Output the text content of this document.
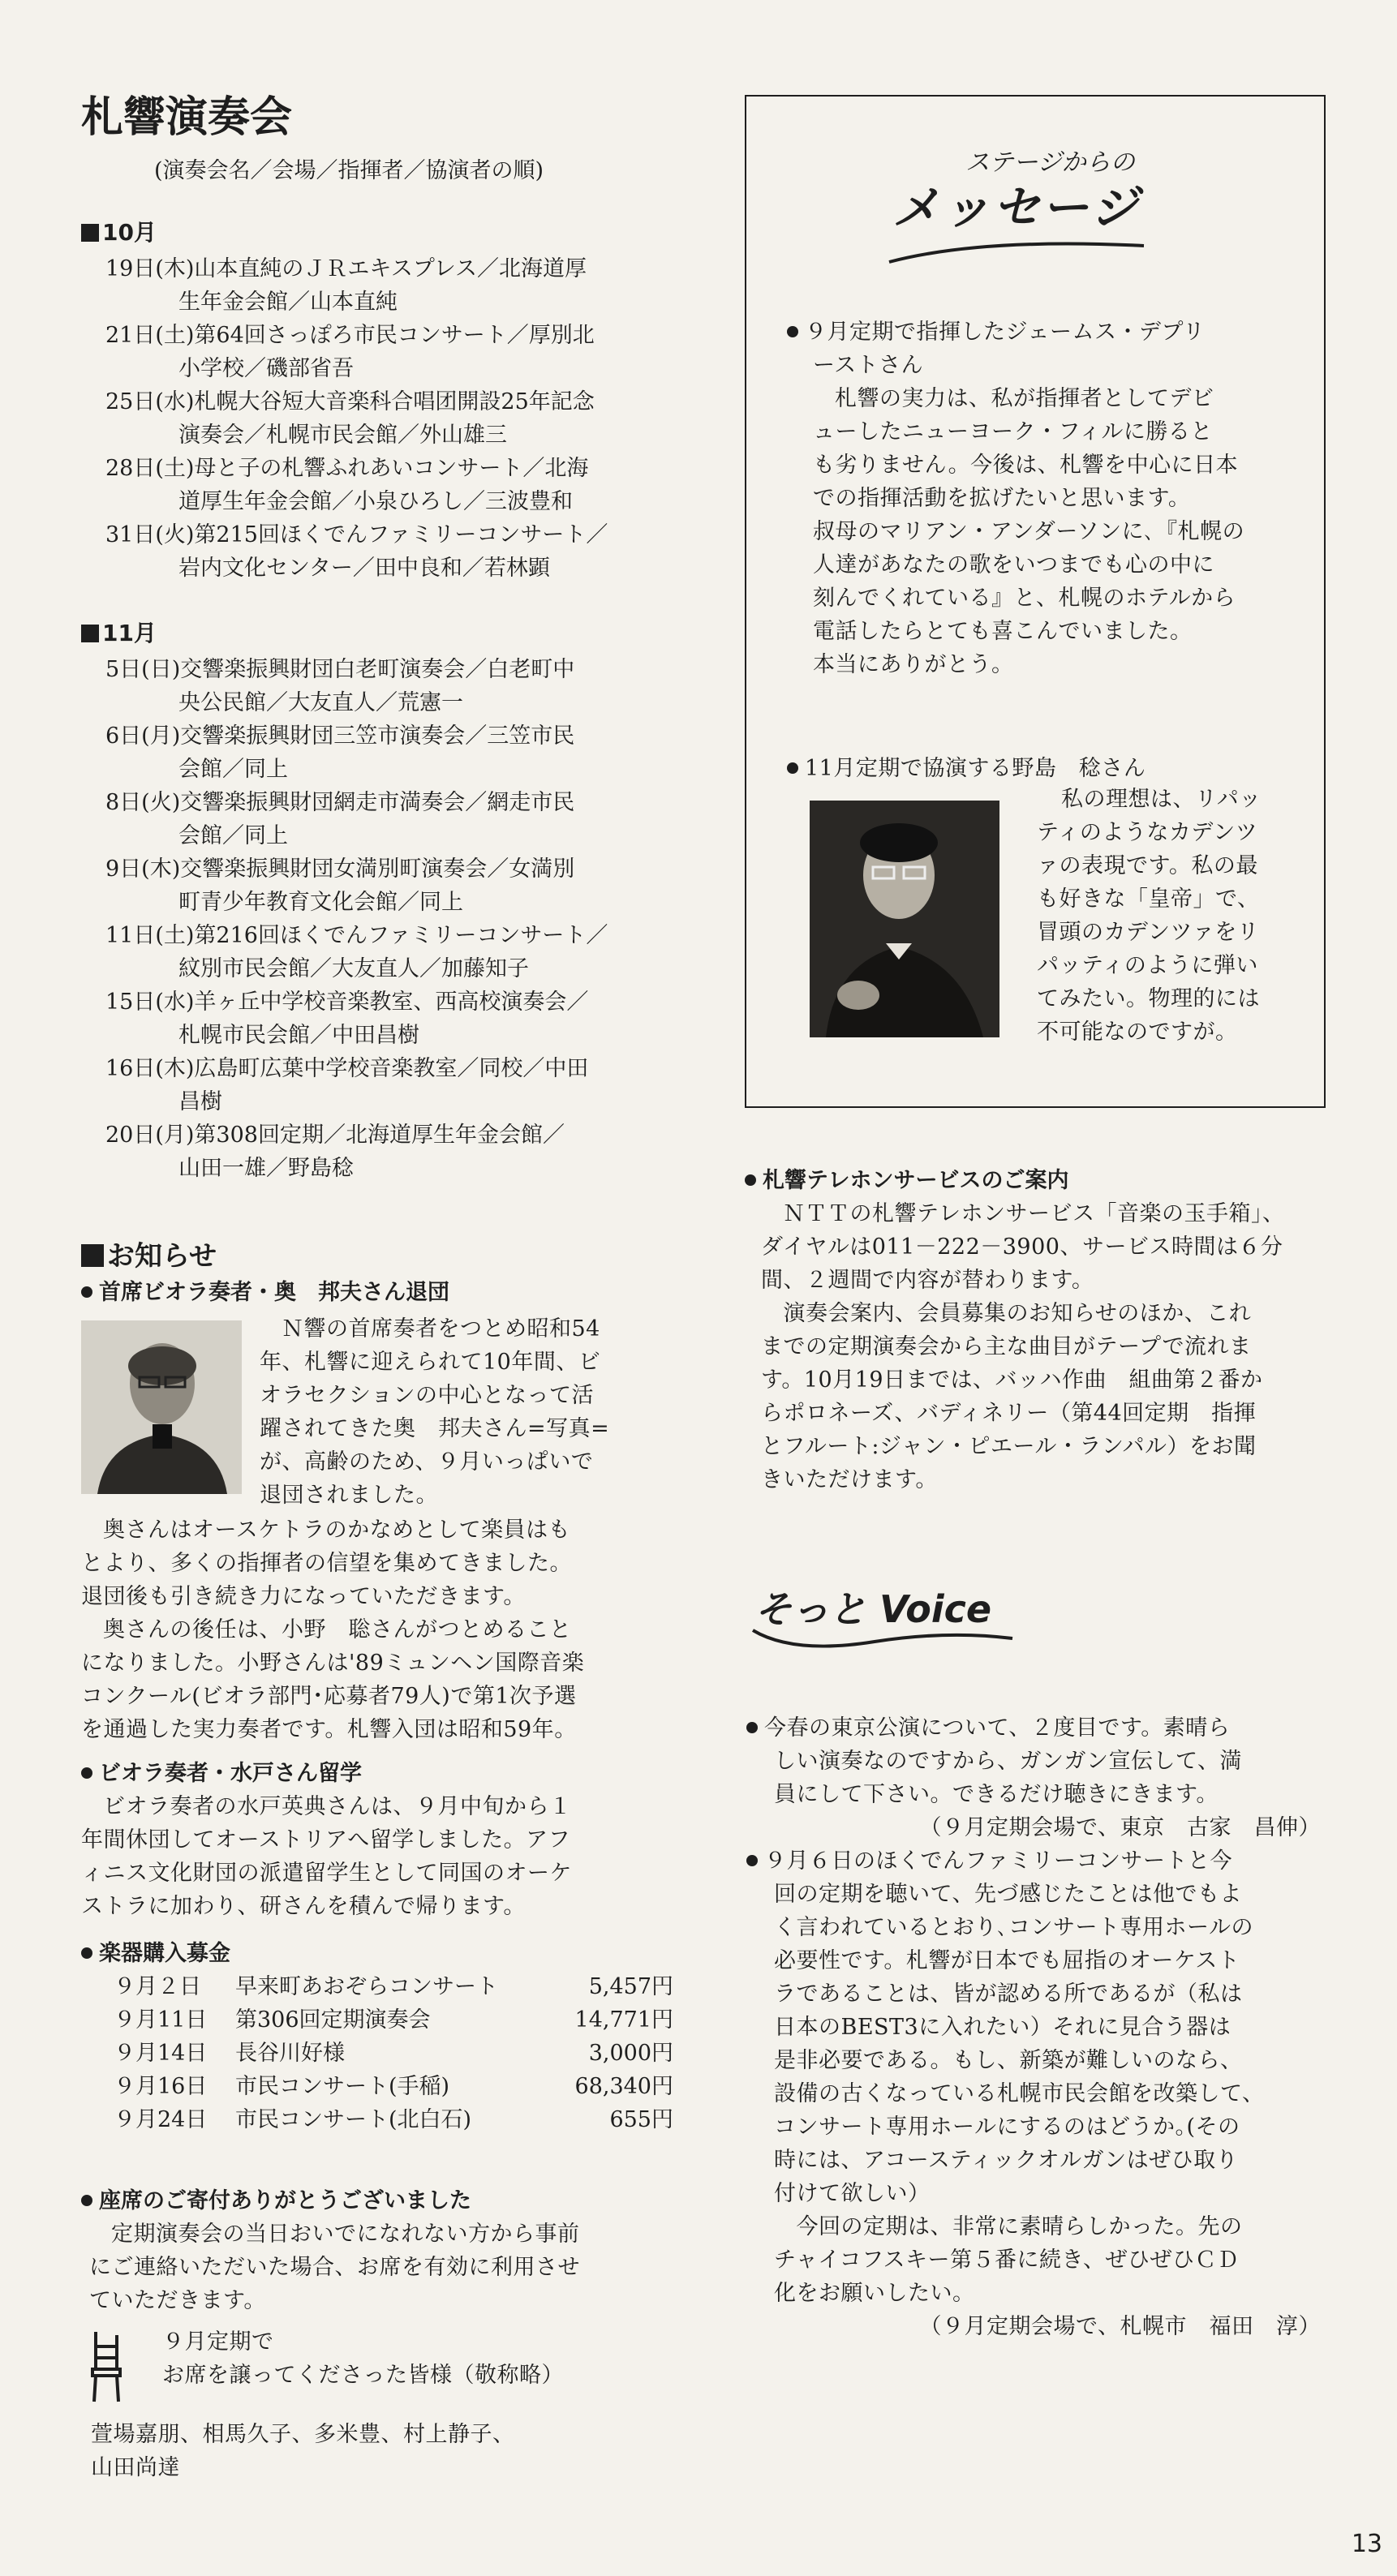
札響演奏会
(演奏会名／会場／指揮者／協演者の順)
10月
19日(木)山本直純のＪＲエキスプレス／北海道厚
生年金会館／山本直純
21日(土)第64回さっぽろ市民コンサート／厚別北
小学校／磯部省吾
25日(水)札幌大谷短大音楽科合唱团開設25年記念
演奏会／札幌市民会館／外山雄三
28日(土)母と子の札響ふれあいコンサート／北海
道厚生年金会館／小泉ひろし／三波豊和
31日(火)第215回ほくでんファミリーコンサート／
岩内文化センター／田中良和／若林顕
11月
5日(日)交響楽振興財団白老町演奏会／白老町中
央公民館／大友直人／荒憲一
6日(月)交響楽振興財団三笠市演奏会／三笠市民
会館／同上
8日(火)交響楽振興財団網走市満奏会／網走市民
会館／同上
9日(木)交響楽振興財団女満別町演奏会／女満別
町青少年教育文化会館／同上
11日(土)第216回ほくでんファミリーコンサート／
紋別市民会館／大友直人／加藤知子
15日(水)羊ヶ丘中学校音楽教室、西高校演奏会／
札幌市民会館／中田昌樹
16日(木)広島町広葉中学校音楽教室／同校／中田
昌樹
20日(月)第308回定期／北海道厚生年金会館／
山田一雄／野島稔
お知らせ
首席ビオラ奏者・奥　邦夫さん退団
Ｎ響の首席奏者をつとめ昭和54
年、札響に迎えられて10年間、ビ
オラセクションの中心となって活
躍されてきた奥　邦夫さん=写真=
が、高齢のため、９月いっぱいで
退団されました。
奥さんはオースケトラのかなめとして楽員はも
とより、多くの指揮者の信望を集めてきました。
退団後も引き続き力になっていただきます。
奥さんの後任は、小野　聡さんがつとめること
になりました。小野さんは'89ミュンヘン国際音楽
コンクール(ビオラ部門･応募者79人)で第1次予選
を通過した実力奏者です。札響入団は昭和59年。
ビオラ奏者・水戸さん留学
ビオラ奏者の水戸英典さんは、９月中旬から１
年間休団してオーストリアへ留学しました。アフ
ィニス文化財団の派遣留学生として同国のオーケ
ストラに加わり、研さんを積んで帰ります。
楽器購入募金
９月２日	早来町あおぞらコンサート	5,457円
９月11日	第306回定期演奏会	14,771円
９月14日	長谷川好様	3,000円
９月16日	市民コンサート(手稲)	68,340円
９月24日	市民コンサート(北白石)	655円
座席のご寄付ありがとうございました
定期演奏会の当日おいでになれない方から事前
にご連絡いただいた場合、お席を有効に利用させ
ていただきます。
９月定期で
お席を譲ってくださった皆様（敬称略）
萱場嘉朋、相馬久子、多米豊、村上静子、
山田尚達
ステージからの
メッセージ
９月定期で指揮したジェームス・デプリ
ーストさん
札響の実力は、私が指揮者としてデビ
ューしたニューヨーク・フィルに勝ると
も劣りません。今後は、札響を中心に日本
での指揮活動を拡げたいと思います。
叔母のマリアン・アンダーソンに､『札幌の
人達があなたの歌をいつまでも心の中に
刻んでくれている』と、札幌のホテルから
電話したらとても喜こんでいました。
本当にありがとう。
11月定期で協演する野島　稔さん
私の理想は、リパッ
ティのようなカデンツ
ァの表現です。私の最
も好きな「皇帝」で、
冒頭のカデンツァをリ
パッティのように弾い
てみたい。物理的には
不可能なのですが。
札響テレホンサービスのご案内
ＮＴＴの札響テレホンサービス「音楽の玉手箱」、
ダイヤルは011－222－3900、サービス時間は６分
間、２週間で内容が替わります。
　演奏会案内、会員募集のお知らせのほか、これ
までの定期演奏会から主な曲目がテープで流れま
す。10月19日までは、バッハ作曲　組曲第２番か
らポロネーズ、バディネリー（第44回定期　指揮
とフルート:ジャン・ピエール・ランパル）をお聞
きいただけます。
そっと Voice
今春の東京公演について、２度目です。素晴ら
しい演奏なのですから、ガンガン宣伝して、満
員にして下さい。できるだけ聴きにきます。
（９月定期会場で、東京　古家　昌伸）
９月６日のほくでんファミリーコンサートと今
回の定期を聴いて、先づ感じたことは他でもよ
く言われているとおり､コンサート専用ホールの
必要性です。札響が日本でも屈指のオーケスト
ラであることは、皆が認める所であるが（私は
日本のBEST3に入れたい）それに見合う器は
是非必要である。もし、新築が難しいのなら、
設備の古くなっている札幌市民会館を改築して、
コンサート専用ホールにするのはどうか｡(その
時には、アコースティックオルガンはぜひ取り
付けて欲しい）
　今回の定期は、非常に素晴らしかった。先の
チャイコフスキー第５番に続き、ぜひぜひＣＤ
化をお願いしたい。
（９月定期会場で、札幌市　福田　淳）
13
